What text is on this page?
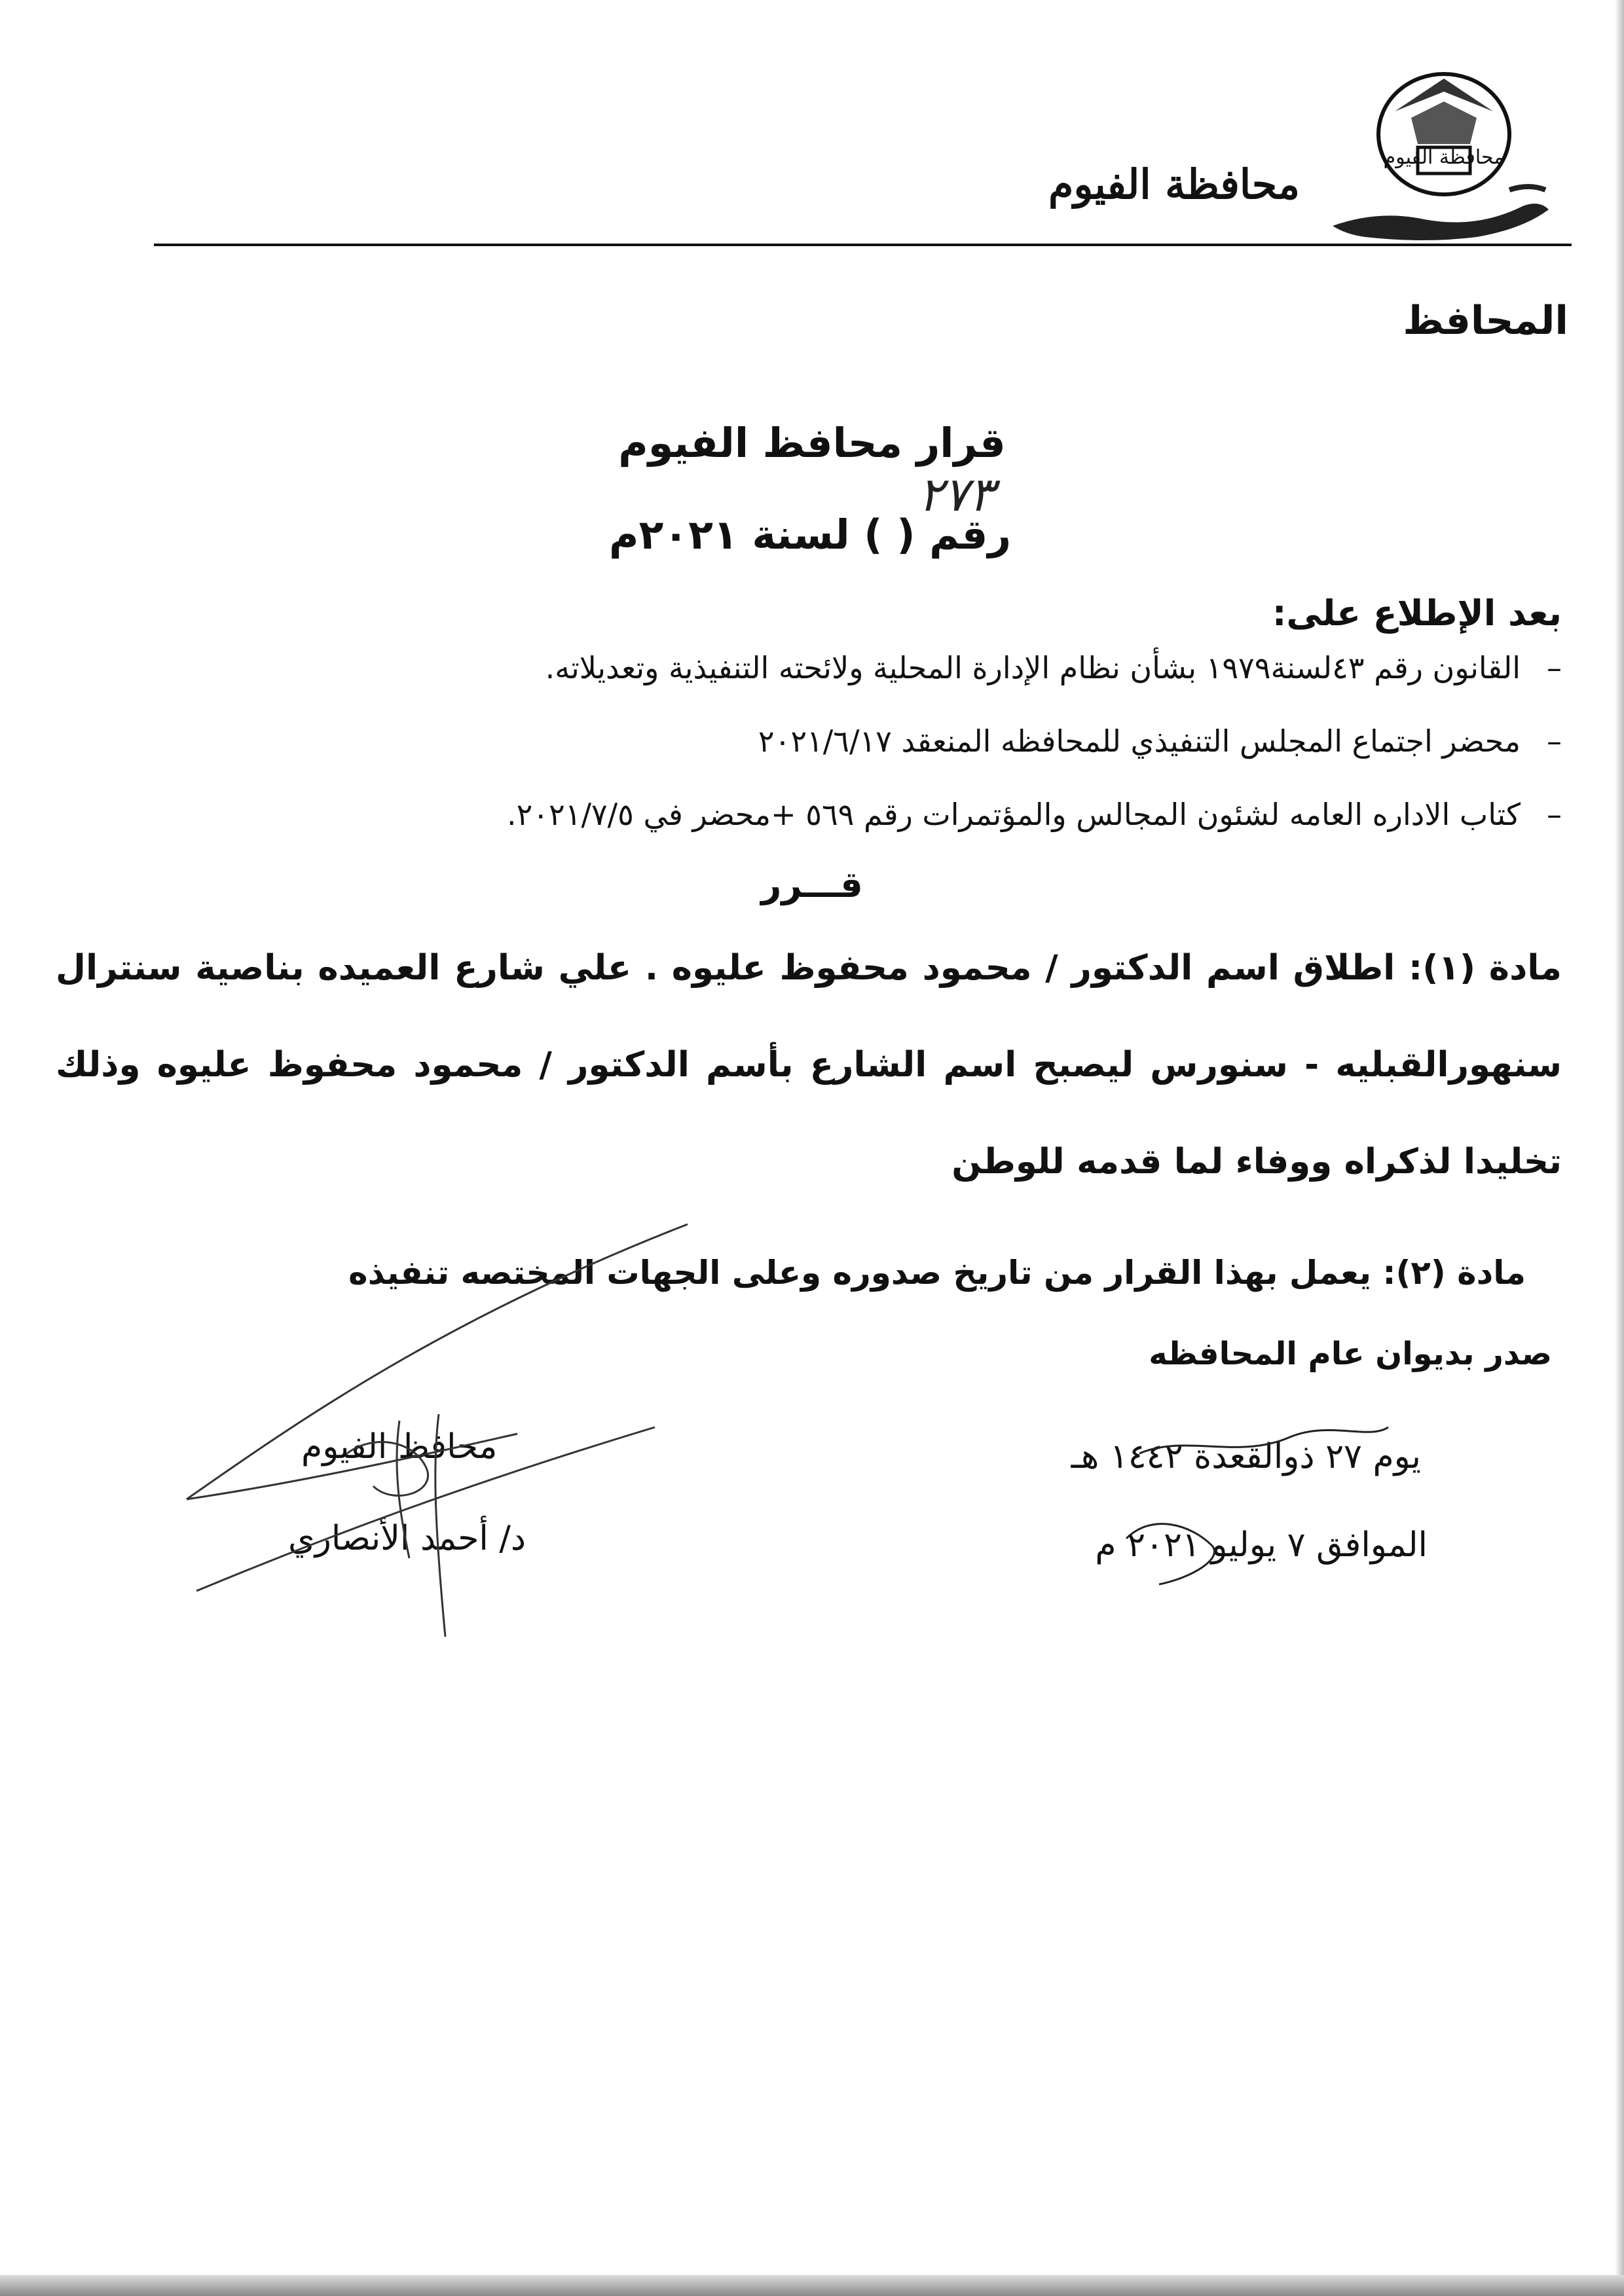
محافظة الفيوم
محافظة الفيوم
المحافظ
قرار محافظ الفيوم
رقم ( ) لسنة ٢٠٢١م
٢٧٣
بعد الإطلاع على:
–القانون رقم ٤٣لسنة١٩٧٩ بشأن نظام الإدارة المحلية ولائحته التنفيذية وتعديلاته.
–محضر اجتماع المجلس التنفيذي للمحافظه المنعقد ٢٠٢١/٦/١٧
–كتاب الاداره العامه لشئون المجالس والمؤتمرات رقم ٥٦٩ +محضر في ٢٠٢١/٧/٥.
قـــرر
مادة (١): اطلاق اسم الدكتور / محمود محفوظ عليوه . علي شارع العميده بناصية سنترال سنهورالقبليه - سنورس ليصبح اسم الشارع بأسم الدكتور / محمود محفوظ عليوه وذلك تخليدا لذكراه ووفاء لما قدمه للوطن
مادة (٢): يعمل بهذا القرار من تاريخ صدوره وعلى الجهات المختصه تنفيذه
صدر بديوان عام المحافظه
محافظ الفيوم
د/ أحمد الأنصاري
يوم ٢٧ ذوالقعدة ١٤٤٢ هـ
الموافق ٧ يوليو ٢٠٢١ م
